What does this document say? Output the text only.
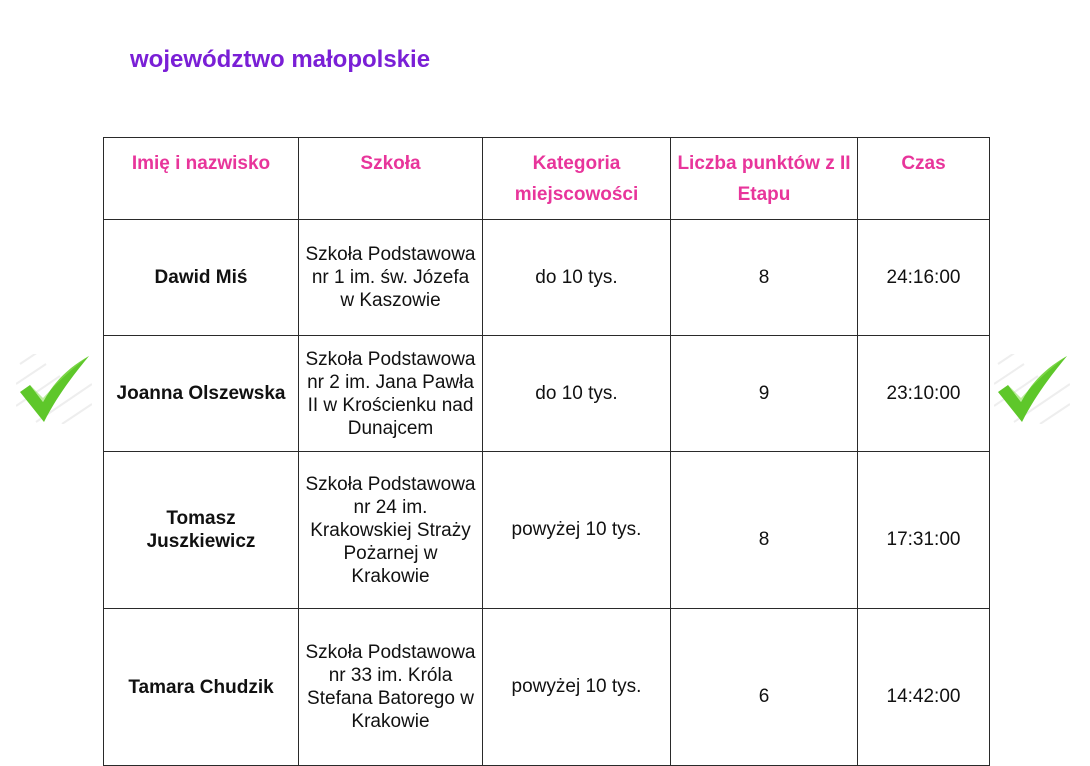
województwo małopolskie
Imię i nazwisko	Szkoła	Kategoria miejscowości	Liczba punktów z II Etapu	Czas
Dawid Miś	Szkoła Podstawowa nr 1 im. św. Józefa w Kaszowie	do 10 tys.	8	24:16:00
Joanna Olszewska	Szkoła Podstawowa nr 2 im. Jana Pawła II w Krościenku nad Dunajcem	do 10 tys.	9	23:10:00
Tomasz Juszkiewicz	Szkoła Podstawowa nr 24 im. Krakowskiej Straży Pożarnej w Krakowie	powyżej 10 tys.	8	17:31:00
Tamara Chudzik	Szkoła Podstawowa nr 33 im. Króla Stefana Batorego w Krakowie	powyżej 10 tys.	6	14:42:00
